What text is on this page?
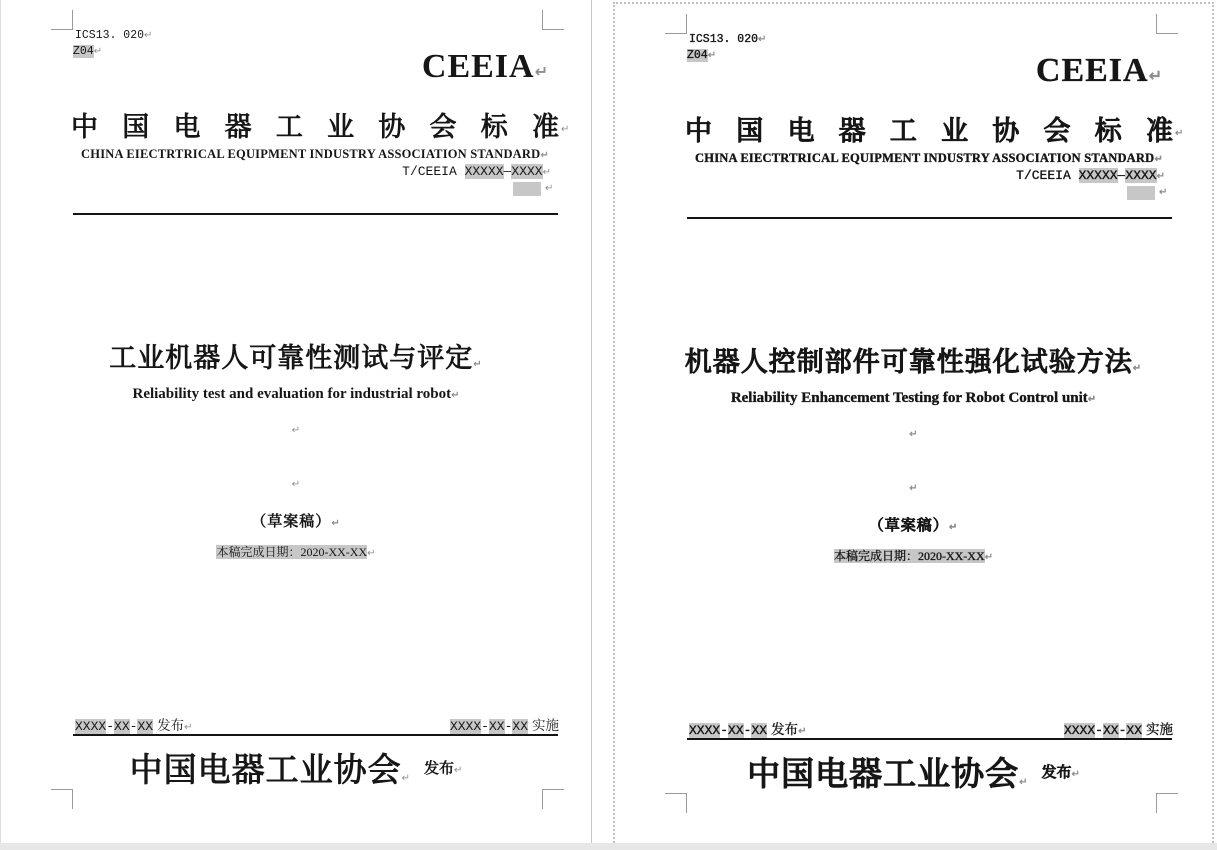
ICS13. 020↵
Z04↵	CEEIA↵
中 国 电 器 工 业 协 会 标 准 ↵
CHINA EIECTRTRICAL EQUIPMENT INDUSTRY ASSOCIATION STANDARD↵
T/CEEIA XXXXX—XXXX↵
↵
工业机器人可靠性测试与评定↵
Reliability test and evaluation for industrial robot↵
↵
↵
（草案稿）↵
本稿完成日期：2020-XX-XX↵
XXXX-XX-XX 发布↵	XXXX-XX-XX 实施
中国电器工业协会↵
发布↵
ICS13. 020↵
Z04↵	CEEIA↵
中 国 电 器 工 业 协 会 标 准 ↵
CHINA EIECTRTRICAL EQUIPMENT INDUSTRY ASSOCIATION STANDARD↵
T/CEEIA XXXXX—XXXX↵
↵
机器人控制部件可靠性强化试验方法↵
Reliability Enhancement Testing for Robot Control unit↵
↵
↵
（草案稿）↵
本稿完成日期：2020-XX-XX↵
XXXX-XX-XX 发布↵	XXXX-XX-XX 实施
中国电器工业协会↵
发布↵
